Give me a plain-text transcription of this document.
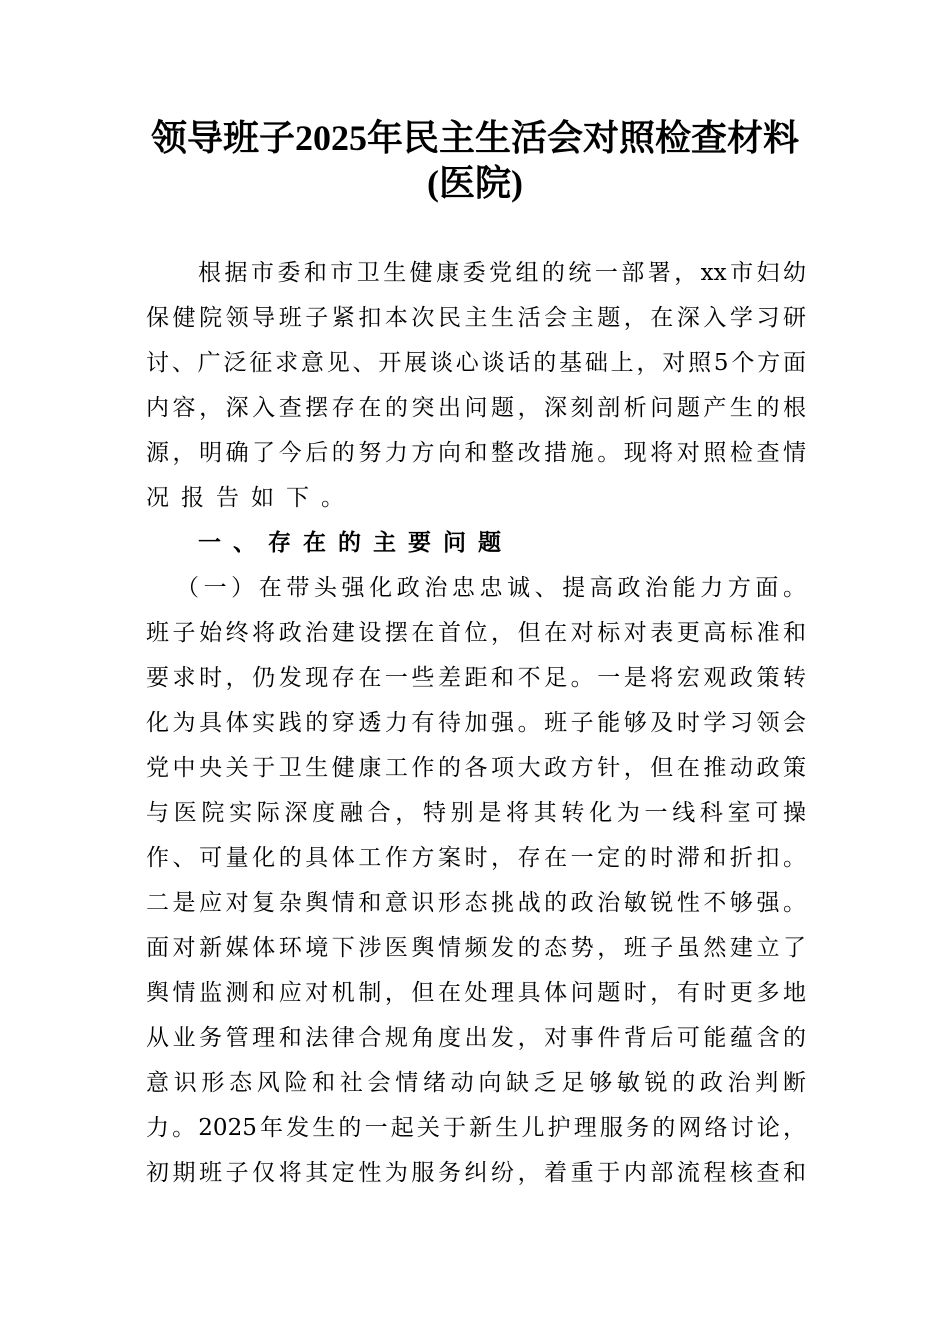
领导班子2025年民主生活会对照检查材料
(医院)
根据市委和市卫生健康委党组的统一部署，xx市妇幼
保健院领导班子紧扣本次民主生活会主题，在深入学习研
讨、广泛征求意见、开展谈心谈话的基础上，对照5个方面
内容，深入查摆存在的突出问题，深刻剖析问题产生的根
源，明确了今后的努力方向和整改措施。现将对照检查情
况报告如下。
一、存在的主要问题
（一）在带头强化政治忠忠诚、提高政治能力方面。
班子始终将政治建设摆在首位，但在对标对表更高标准和
要求时，仍发现存在一些差距和不足。一是将宏观政策转
化为具体实践的穿透力有待加强。班子能够及时学习领会
党中央关于卫生健康工作的各项大政方针，但在推动政策
与医院实际深度融合，特别是将其转化为一线科室可操
作、可量化的具体工作方案时，存在一定的时滞和折扣。
二是应对复杂舆情和意识形态挑战的政治敏锐性不够强。
面对新媒体环境下涉医舆情频发的态势，班子虽然建立了
舆情监测和应对机制，但在处理具体问题时，有时更多地
从业务管理和法律合规角度出发，对事件背后可能蕴含的
意识形态风险和社会情绪动向缺乏足够敏锐的政治判断
力。2025年发生的一起关于新生儿护理服务的网络讨论，
初期班子仅将其定性为服务纠纷，着重于内部流程核查和
